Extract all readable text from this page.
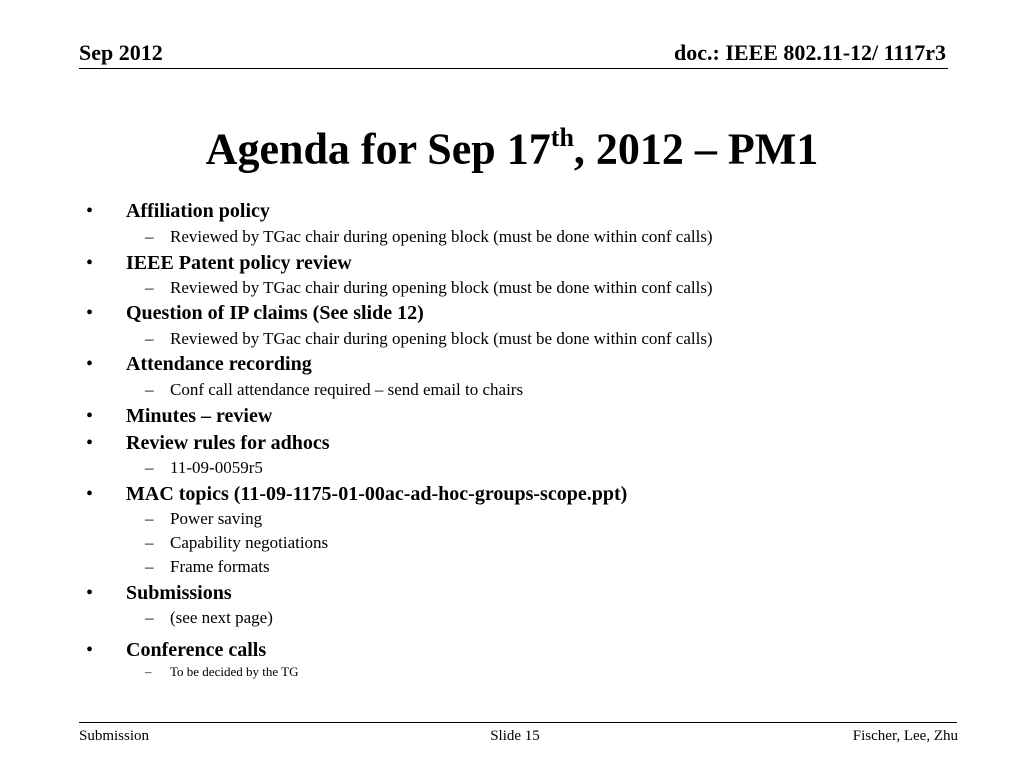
Sep 2012	doc.: IEEE 802.11-12/ 1117r3
Agenda for Sep 17th, 2012 – PM1
• Affiliation policy
– Reviewed by TGac chair during opening block (must be done within conf calls)
• IEEE Patent policy review
– Reviewed by TGac chair during opening block (must be done within conf calls)
• Question of IP claims (See slide 12)
– Reviewed by TGac chair during opening block (must be done within conf calls)
• Attendance recording
– Conf call attendance required – send email to chairs
• Minutes – review
• Review rules for adhocs
– 11-09-0059r5
• MAC topics (11-09-1175-01-00ac-ad-hoc-groups-scope.ppt)
– Power saving
– Capability negotiations
– Frame formats
• Submissions
– (see next page)
• Conference calls
– To be decided by the TG
Submission	Slide 15	Fischer, Lee, Zhu
